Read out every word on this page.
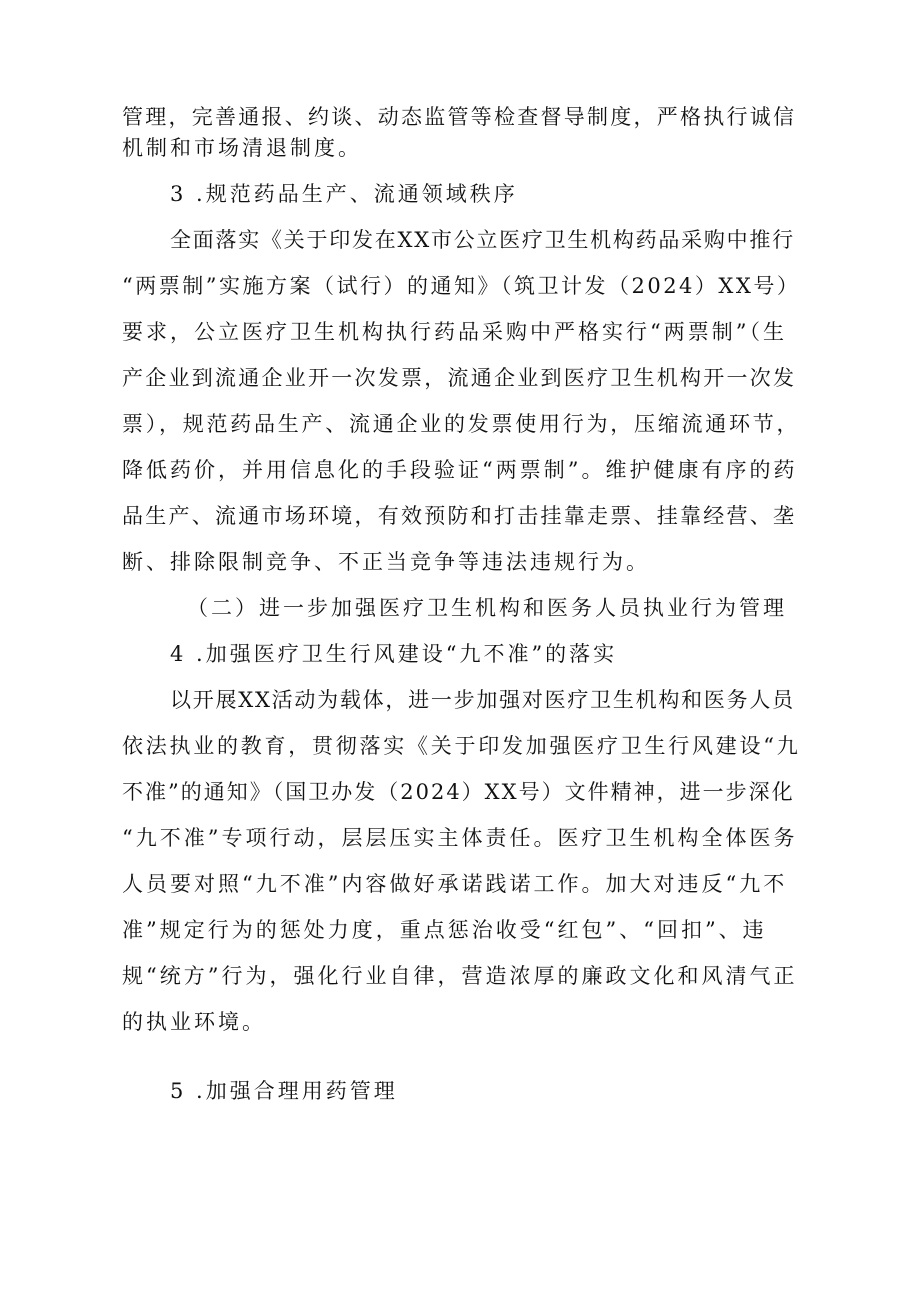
管理，完善通报、约谈、动态监管等检查督导制度，严格执行诚信
机制和市场清退制度。
3 .规范药品生产、流通领域秩序
全面落实《关于印发在XX市公立医疗卫生机构药品采购中推行
“两票制”实施方案（试行）的通知》（筑卫计发（2024）XX号）
要求，公立医疗卫生机构执行药品采购中严格实行“两票制”（生
产企业到流通企业开一次发票，流通企业到医疗卫生机构开一次发
票），规范药品生产、流通企业的发票使用行为，压缩流通环节，
降低药价，并用信息化的手段验证“两票制”。维护健康有序的药
品生产、流通市场环境，有效预防和打击挂靠走票、挂靠经营、垄
断、排除限制竞争、不正当竞争等违法违规行为。
（二）进一步加强医疗卫生机构和医务人员执业行为管理
4 .加强医疗卫生行风建设“九不准”的落实
以开展XX活动为载体，进一步加强对医疗卫生机构和医务人员
依法执业的教育，贯彻落实《关于印发加强医疗卫生行风建设“九
不准”的通知》（国卫办发（2024）XX号）文件精神，进一步深化
“九不准”专项行动，层层压实主体责任。医疗卫生机构全体医务
人员要对照“九不准”内容做好承诺践诺工作。加大对违反“九不
准”规定行为的惩处力度，重点惩治收受“红包”、“回扣”、违
规“统方”行为，强化行业自律，营造浓厚的廉政文化和风清气正
的执业环境。
5 .加强合理用药管理
